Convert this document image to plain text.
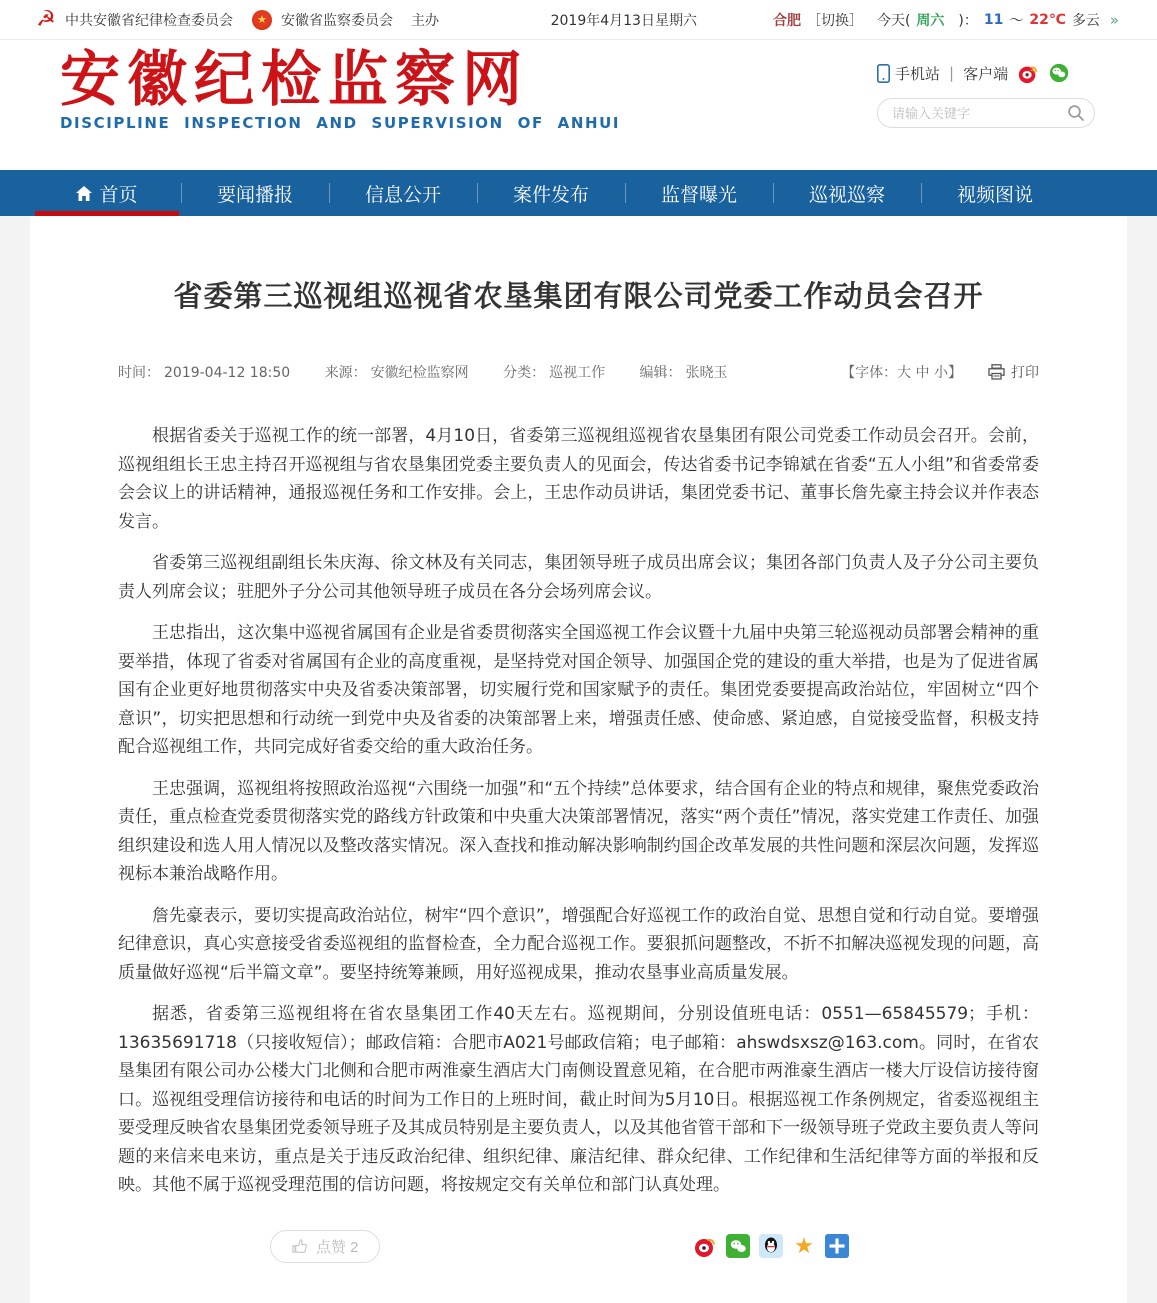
☭ 中共安徽省纪律检查委员会	★	安徽省监察委员会 主办	2019年4月13日星期六	合肥 ［切换］ 今天( 周六 )： 11 ～ 22℃ 多云 »
安徽纪检监察网
DISCIPLINE INSPECTION AND SUPERVISION OF ANHUI
手机站 | 客户端
请输入关键字
首页	要闻播报	信息公开	案件发布	监督曝光	巡视巡察	视频图说
省委第三巡视组巡视省农垦集团有限公司党委工作动员会召开
时间： 2019-04-12 18:50 来源： 安徽纪检监察网 分类： 巡视工作 编辑： 张晓玉	【字体：大 中 小】	打印

根据省委关于巡视工作的统一部署，4月10日，省委第三巡视组巡视省农垦集团有限公司党委工作动员会召开。会前，巡视组组长王忠主持召开巡视组与省农垦集团党委主要负责人的见面会，传达省委书记李锦斌在省委“五人小组”和省委常委会会议上的讲话精神，通报巡视任务和工作安排。会上，王忠作动员讲话，集团党委书记、董事长詹先豪主持会议并作表态发言。

省委第三巡视组副组长朱庆海、徐文林及有关同志，集团领导班子成员出席会议；集团各部门负责人及子分公司主要负责人列席会议；驻肥外子分公司其他领导班子成员在各分会场列席会议。

王忠指出，这次集中巡视省属国有企业是省委贯彻落实全国巡视工作会议暨十九届中央第三轮巡视动员部署会精神的重要举措，体现了省委对省属国有企业的高度重视，是坚持党对国企领导、加强国企党的建设的重大举措，也是为了促进省属国有企业更好地贯彻落实中央及省委决策部署，切实履行党和国家赋予的责任。集团党委要提高政治站位，牢固树立“四个意识”，切实把思想和行动统一到党中央及省委的决策部署上来，增强责任感、使命感、紧迫感，自觉接受监督，积极支持配合巡视组工作，共同完成好省委交给的重大政治任务。

王忠强调，巡视组将按照政治巡视“六围绕一加强”和“五个持续”总体要求，结合国有企业的特点和规律，聚焦党委政治责任，重点检查党委贯彻落实党的路线方针政策和中央重大决策部署情况，落实“两个责任”情况，落实党建工作责任、加强组织建设和选人用人情况以及整改落实情况。深入查找和推动解决影响制约国企改革发展的共性问题和深层次问题，发挥巡视标本兼治战略作用。

詹先豪表示，要切实提高政治站位，树牢“四个意识”，增强配合好巡视工作的政治自觉、思想自觉和行动自觉。要增强纪律意识，真心实意接受省委巡视组的监督检查，全力配合巡视工作。要狠抓问题整改，不折不扣解决巡视发现的问题，高质量做好巡视“后半篇文章”。要坚持统筹兼顾，用好巡视成果，推动农垦事业高质量发展。

据悉，省委第三巡视组将在省农垦集团工作40天左右。巡视期间，分别设值班电话：0551—65845579；手机：13635691718（只接收短信）；邮政信箱：合肥市A021号邮政信箱；电子邮箱：ahswdsxsz@163.com。同时，在省农垦集团有限公司办公楼大门北侧和合肥市两淮豪生酒店大门南侧设置意见箱，在合肥市两淮豪生酒店一楼大厅设信访接待窗口。巡视组受理信访接待和电话的时间为工作日的上班时间，截止时间为5月10日。根据巡视工作条例规定，省委巡视组主要受理反映省农垦集团党委领导班子及其成员特别是主要负责人，以及其他省管干部和下一级领导班子党政主要负责人等问题的来信来电来访，重点是关于违反政治纪律、组织纪律、廉洁纪律、群众纪律、工作纪律和生活纪律等方面的举报和反映。其他不属于巡视受理范围的信访问题，将按规定交有关单位和部门认真处理。

点赞 2	★
